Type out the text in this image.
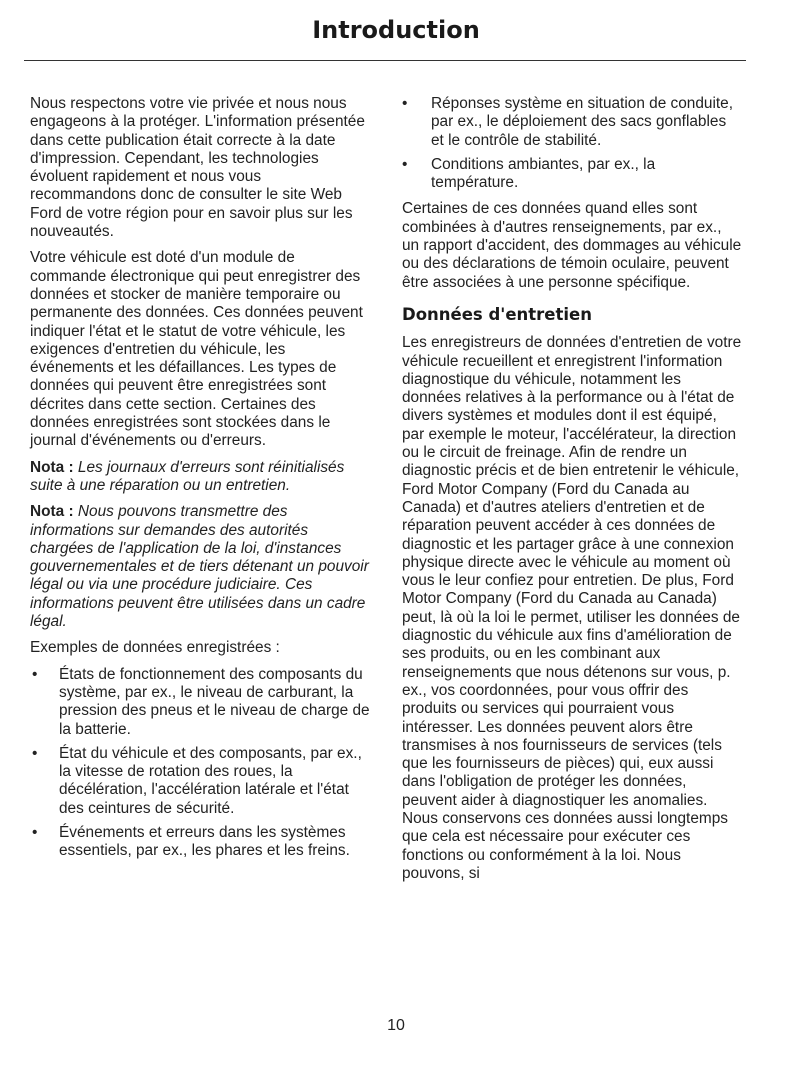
Introduction

Nous respectons votre vie privée et nous nous engageons à la protéger. L'information présentée dans cette publication était correcte à la date d'impression. Cependant, les technologies évoluent rapidement et nous vous recommandons donc de consulter le site Web Ford de votre région pour en savoir plus sur les nouveautés.

Votre véhicule est doté d'un module de commande électronique qui peut enregistrer des données et stocker de manière temporaire ou permanente des données. Ces données peuvent indiquer l'état et le statut de votre véhicule, les exigences d'entretien du véhicule, les événements et les défaillances. Les types de données qui peuvent être enregistrées sont décrites dans cette section. Certaines des données enregistrées sont stockées dans le journal d'événements ou d'erreurs.

Nota : Les journaux d'erreurs sont réinitialisés suite à une réparation ou un entretien.

Nota : Nous pouvons transmettre des informations sur demandes des autorités chargées de l'application de la loi, d'instances gouvernementales et de tiers détenant un pouvoir légal ou via une procédure judiciaire. Ces informations peuvent être utilisées dans un cadre légal.

Exemples de données enregistrées :

• États de fonctionnement des composants du système, par ex., le niveau de carburant, la pression des pneus et le niveau de charge de la batterie.
• État du véhicule et des composants, par ex., la vitesse de rotation des roues, la décélération, l'accélération latérale et l'état des ceintures de sécurité.
• Événements et erreurs dans les systèmes essentiels, par ex., les phares et les freins.
• Réponses système en situation de conduite, par ex., le déploiement des sacs gonflables et le contrôle de stabilité.
• Conditions ambiantes, par ex., la température.

Certaines de ces données quand elles sont combinées à d'autres renseignements, par ex., un rapport d'accident, des dommages au véhicule ou des déclarations de témoin oculaire, peuvent être associées à une personne spécifique.

Données d'entretien

Les enregistreurs de données d'entretien de votre véhicule recueillent et enregistrent l'information diagnostique du véhicule, notamment les données relatives à la performance ou à l'état de divers systèmes et modules dont il est équipé, par exemple le moteur, l'accélérateur, la direction ou le circuit de freinage. Afin de rendre un diagnostic précis et de bien entretenir le véhicule, Ford Motor Company (Ford du Canada au Canada) et d'autres ateliers d'entretien et de réparation peuvent accéder à ces données de diagnostic et les partager grâce à une connexion physique directe avec le véhicule au moment où vous le leur confiez pour entretien. De plus, Ford Motor Company (Ford du Canada au Canada) peut, là où la loi le permet, utiliser les données de diagnostic du véhicule aux fins d'amélioration de ses produits, ou en les combinant aux renseignements que nous détenons sur vous, p. ex., vos coordonnées, pour vous offrir des produits ou services qui pourraient vous intéresser. Les données peuvent alors être transmises à nos fournisseurs de services (tels que les fournisseurs de pièces) qui, eux aussi dans l'obligation de protéger les données, peuvent aider à diagnostiquer les anomalies. Nous conservons ces données aussi longtemps que cela est nécessaire pour exécuter ces fonctions ou conformément à la loi. Nous pouvons, si

10
